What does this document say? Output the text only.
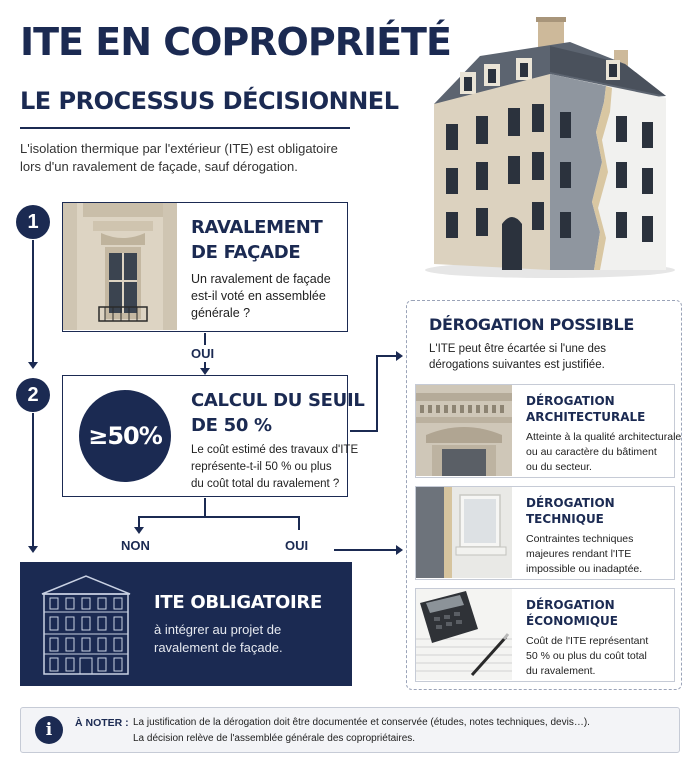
ITE EN COPROPRIÉTÉ
LE PROCESSUS DÉCISIONNEL
L'isolation thermique par l'extérieur (ITE) est obligatoire
lors d'un ravalement de façade, sauf dérogation.
1	RAVALEMENT
DE FAÇADE
Un ravalement de façade
est-il voté en assemblée
générale ?
OUI
2
≥50%
CALCUL DU SEUIL
DE 50 %
Le coût estimé des travaux d'ITE
représente-t-il 50 % ou plus
du coût total du ravalement ?
NON	OUI
ITE OBLIGATOIRE
à intégrer au projet de
ravalement de façade.
DÉROGATION POSSIBLE
L'ITE peut être écartée si l'une des
dérogations suivantes est justifiée.
DÉROGATION
ARCHITECTURALE
Atteinte à la qualité architecturale
ou au caractère du bâtiment
ou du secteur.
DÉROGATION
TECHNIQUE
Contraintes techniques
majeures rendant l'ITE
impossible ou inadaptée.
DÉROGATION
ÉCONOMIQUE
Coût de l'ITE représentant
50 % ou plus du coût total
du ravalement.
i	À NOTER : La justification de la dérogation doit être documentée et conservée (études, notes techniques, devis…).
La décision relève de l'assemblée générale des copropriétaires.
